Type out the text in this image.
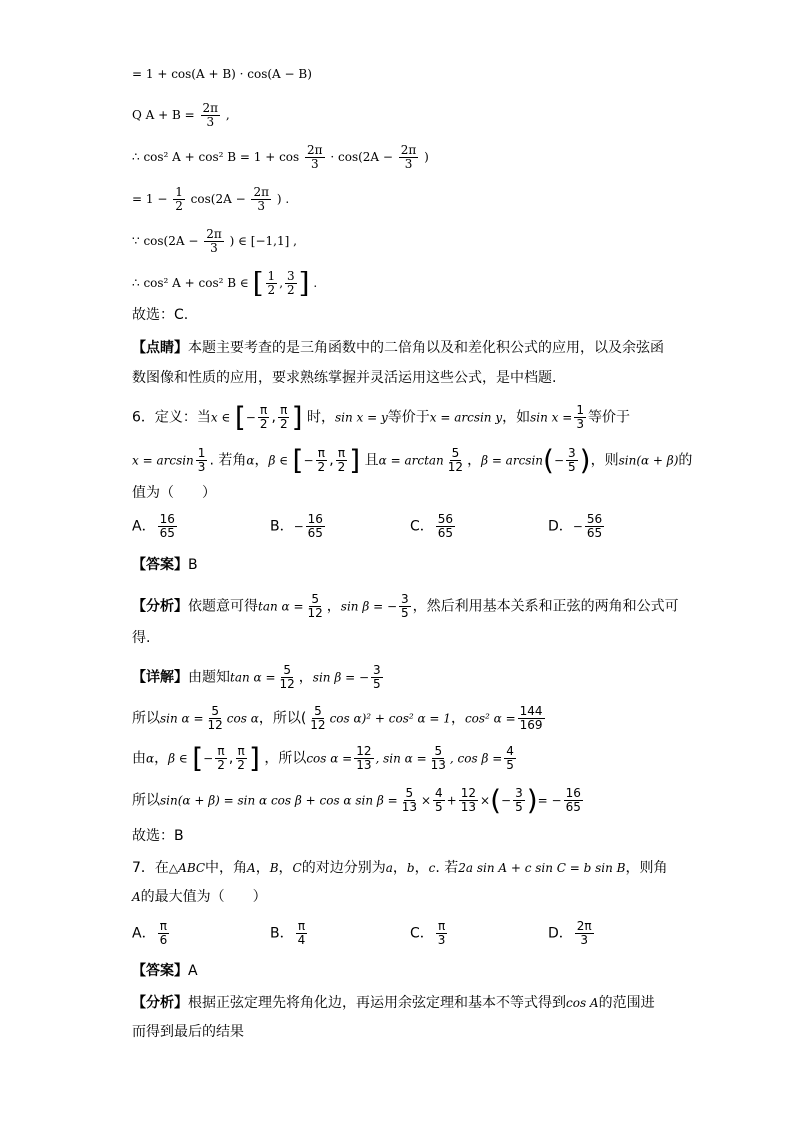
= 1 + cos(A + B) · cos(A − B)
Q $A + B = \frac{2\pi}{3}$ ,
∴ cos² A + cos² $B = 1 + \cos \frac{2\pi}{3} \cdot \cos(2A - \frac{2\pi}{3}$ )
= $1 - \frac{1}{2} \cos(2A - \frac{2\pi}{3}$ ) .
∵ $\cos(2A - \frac{2\pi}{3}$ ) ∈ [−1,1] ,
∴ cos² A + cos² B ∈ [ $\frac{1}{2}$ , $\frac{3}{2}$ ] .
故选：C.
【点睛】本题主要考查的是三角函数中的二倍角以及和差化积公式的应用，以及余弦函
数图像和性质的应用，要求熟练掌握并灵活运用这些公式，是中档题.
6．定义：当x ∈ [− $\frac{\pi}{2}$ , $\frac{\pi}{2}$ ] 时，sin x = y等价于x = arcsin y，如$\sin x = \frac{1}{3}$ 等价于
$x = \arcsin \frac{1}{3}$ . 若角α，β ∈ [− $\frac{\pi}{2}$ , $\frac{\pi}{2}$ ] 且$\alpha = \arctan \frac{5}{12}$ ，$\beta = \arcsin(- \frac{3}{5}$ )，则sin(α + β)的
值为（　　）
A． $\frac{16}{65}$	B．− $\frac{16}{65}$	C． $\frac{56}{65}$	D．− $\frac{56}{65}$
【答案】B
【分析】依题意可得$\tan \alpha = \frac{5}{12}$ ，sin β = − $\frac{3}{5}$ ，然后利用基本关系和正弦的两角和公式可
得.
【详解】由题知$\tan \alpha = \frac{5}{12}$ ，sin β = − $\frac{3}{5}$
所以$\sin \alpha = \frac{5}{12}$ cos α，所以( $\frac{5}{12}$ cos α)² + cos² α = 1，cos² $\alpha = \frac{144}{169}$
由α，β ∈ [− $\frac{\pi}{2}$ , $\frac{\pi}{2}$ ] ，所以$\cos \alpha = \frac{12}{13}$ , $\sin \alpha = \frac{5}{13}$ , $\cos \beta = \frac{4}{5}$
所以sin(α + β) = sin α cos β + cos α $\sin \beta = \frac{5}{13} \times \frac{4}{5} + \frac{12}{13}$ ×(− $\frac{3}{5}$ )= − $\frac{16}{65}$
故选：B
7．在△ABC中，角A，B，C的对边分别为a，b，c. 若2a sin A + c sin C = b sin B，则角
A的最大值为（　　）
A． $\frac{\pi}{6}$	B． $\frac{\pi}{4}$	C． $\frac{\pi}{3}$	D． $\frac{2\pi}{3}$
【答案】A
【分析】根据正弦定理先将角化边，再运用余弦定理和基本不等式得到cos A的范围进
而得到最后的结果
